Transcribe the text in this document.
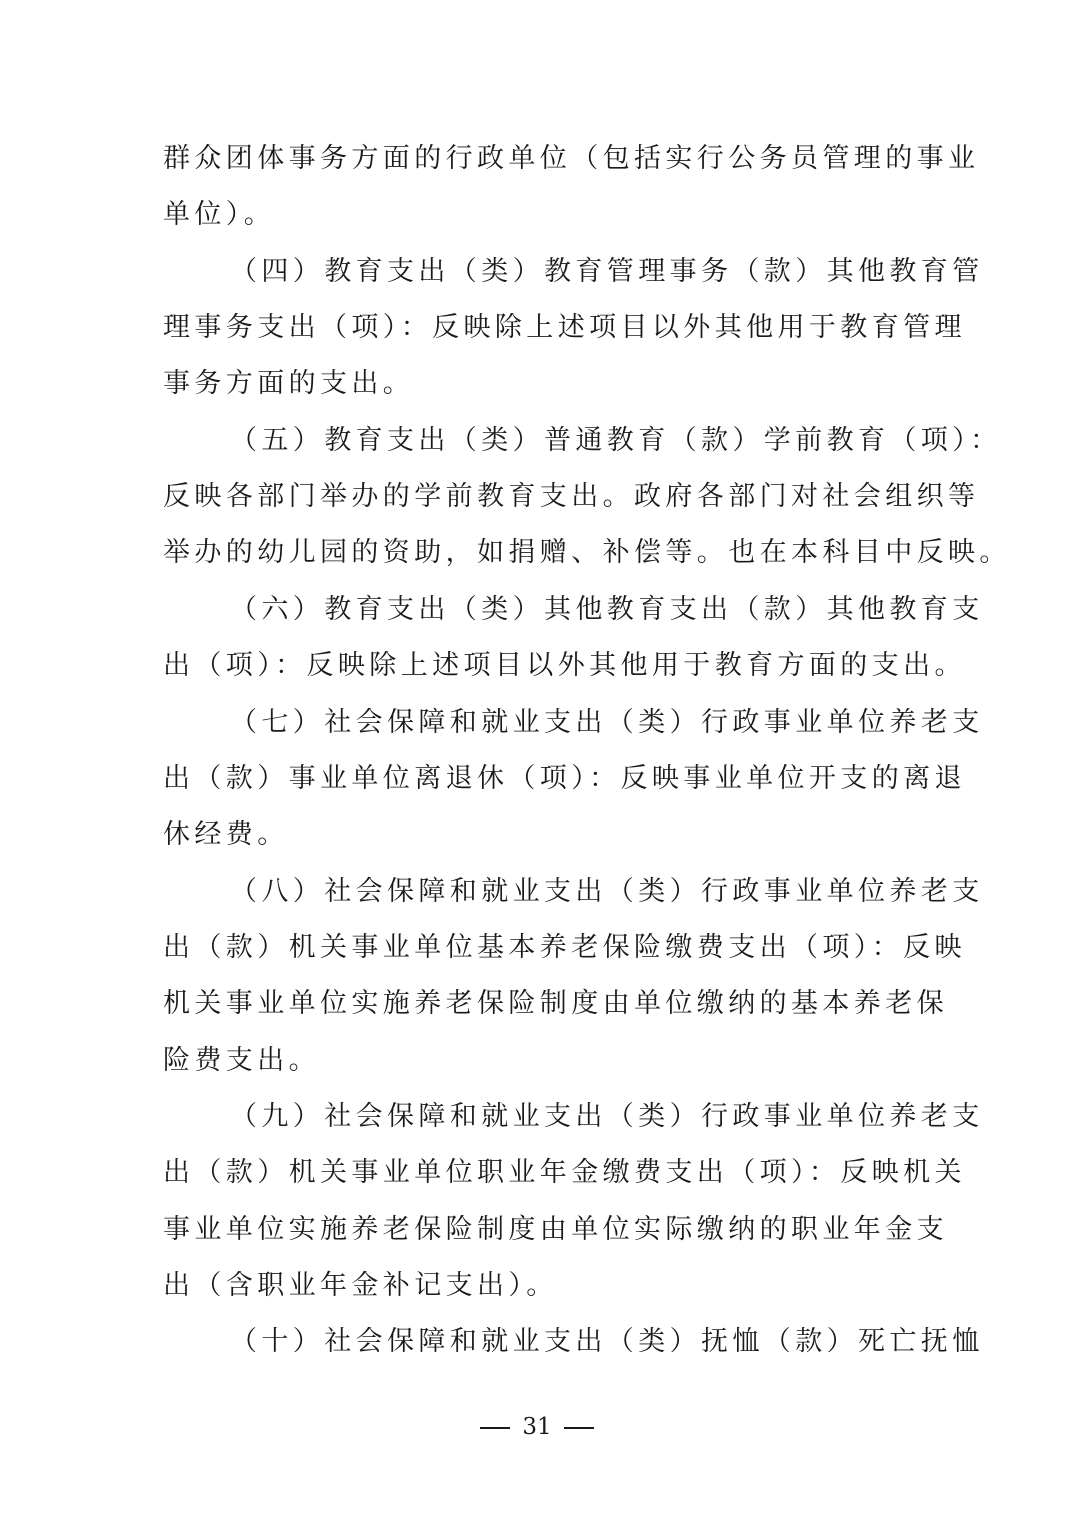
群众团体事务方面的行政单位（包括实行公务员管理的事业
单位）。
（四）教育支出（类）教育管理事务（款）其他教育管
理事务支出（项）：反映除上述项目以外其他用于教育管理
事务方面的支出。
（五）教育支出（类）普通教育（款）学前教育（项）：
反映各部门举办的学前教育支出。政府各部门对社会组织等
举办的幼儿园的资助，如捐赠、补偿等。也在本科目中反映。
（六）教育支出（类）其他教育支出（款）其他教育支
出（项）：反映除上述项目以外其他用于教育方面的支出。
（七）社会保障和就业支出（类）行政事业单位养老支
出（款）事业单位离退休（项）：反映事业单位开支的离退
休经费。
（八）社会保障和就业支出（类）行政事业单位养老支
出（款）机关事业单位基本养老保险缴费支出（项）：反映
机关事业单位实施养老保险制度由单位缴纳的基本养老保
险费支出。
（九）社会保障和就业支出（类）行政事业单位养老支
出（款）机关事业单位职业年金缴费支出（项）：反映机关
事业单位实施养老保险制度由单位实际缴纳的职业年金支
出（含职业年金补记支出）。
（十）社会保障和就业支出（类）抚恤（款）死亡抚恤
31
